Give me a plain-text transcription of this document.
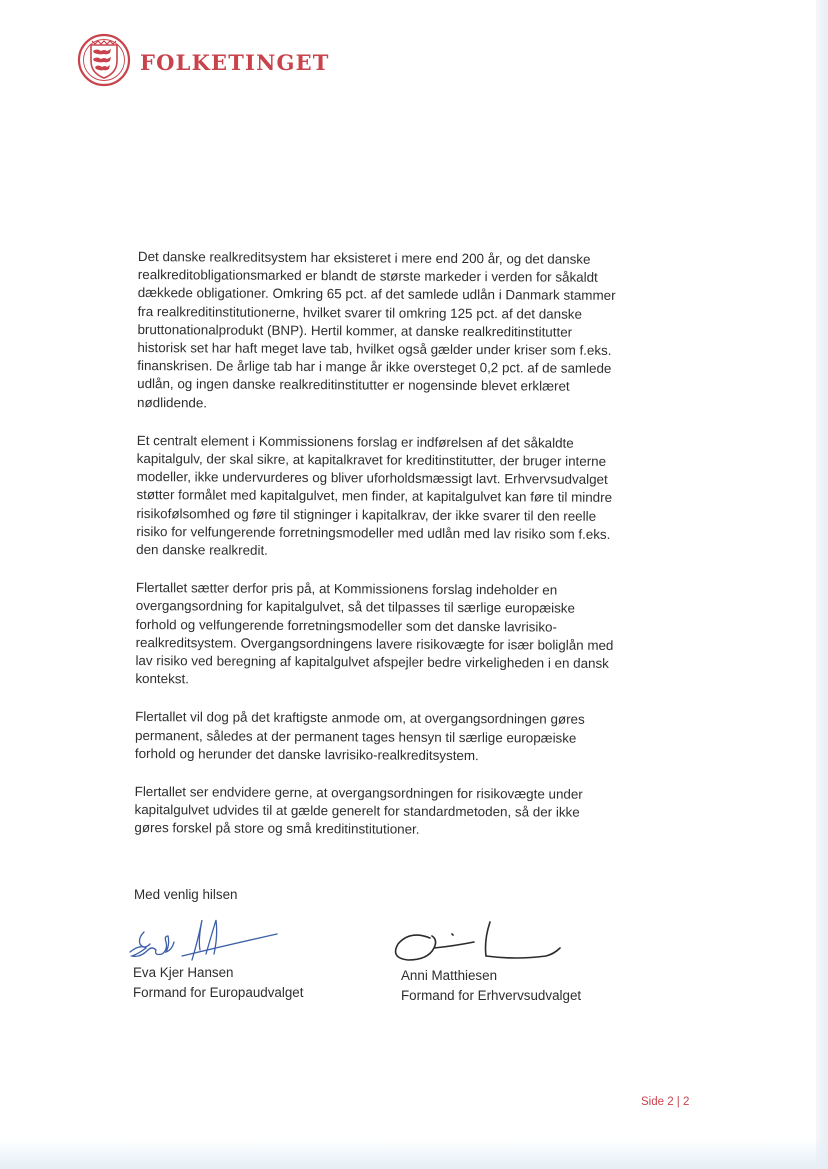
FOLKETINGET

Det danske realkreditsystem har eksisteret i mere end 200 år, og det danske realkreditobligationsmarked er blandt de største markeder i verden for såkaldt dækkede obligationer. Omkring 65 pct. af det samlede udlån i Danmark stammer fra realkreditinstitutionerne, hvilket svarer til omkring 125 pct. af det danske bruttonationalprodukt (BNP). Hertil kommer, at danske realkreditinstitutter historisk set har haft meget lave tab, hvilket også gælder under kriser som f.eks. finanskrisen. De årlige tab har i mange år ikke oversteget 0,2 pct. af de samlede udlån, og ingen danske realkreditinstitutter er nogensinde blevet erklæret nødlidende.

Et centralt element i Kommissionens forslag er indførelsen af det såkaldte kapitalgulv, der skal sikre, at kapitalkravet for kreditinstitutter, der bruger interne modeller, ikke undervurderes og bliver uforholdsmæssigt lavt. Erhvervsudvalget støtter formålet med kapitalgulvet, men finder, at kapitalgulvet kan føre til mindre risikofølsomhed og føre til stigninger i kapitalkrav, der ikke svarer til den reelle risiko for velfungerende forretningsmodeller med udlån med lav risiko som f.eks. den danske realkredit.

Flertallet sætter derfor pris på, at Kommissionens forslag indeholder en overgangsordning for kapitalgulvet, så det tilpasses til særlige europæiske forhold og velfungerende forretningsmodeller som det danske lavrisiko-realkreditsystem. Overgangsordningens lavere risikovægte for især boliglån med lav risiko ved beregning af kapitalgulvet afspejler bedre virkeligheden i en dansk kontekst.

Flertallet vil dog på det kraftigste anmode om, at overgangsordningen gøres permanent, således at der permanent tages hensyn til særlige europæiske forhold og herunder det danske lavrisiko-realkreditsystem.

Flertallet ser endvidere gerne, at overgangsordningen for risikovægte under kapitalgulvet udvides til at gælde generelt for standardmetoden, så der ikke gøres forskel på store og små kreditinstitutioner.

Med venlig hilsen
Eva Kjer Hansen
Formand for Europaudvalget
Anni Matthiesen
Formand for Erhvervsudvalget
Side 2 | 2
